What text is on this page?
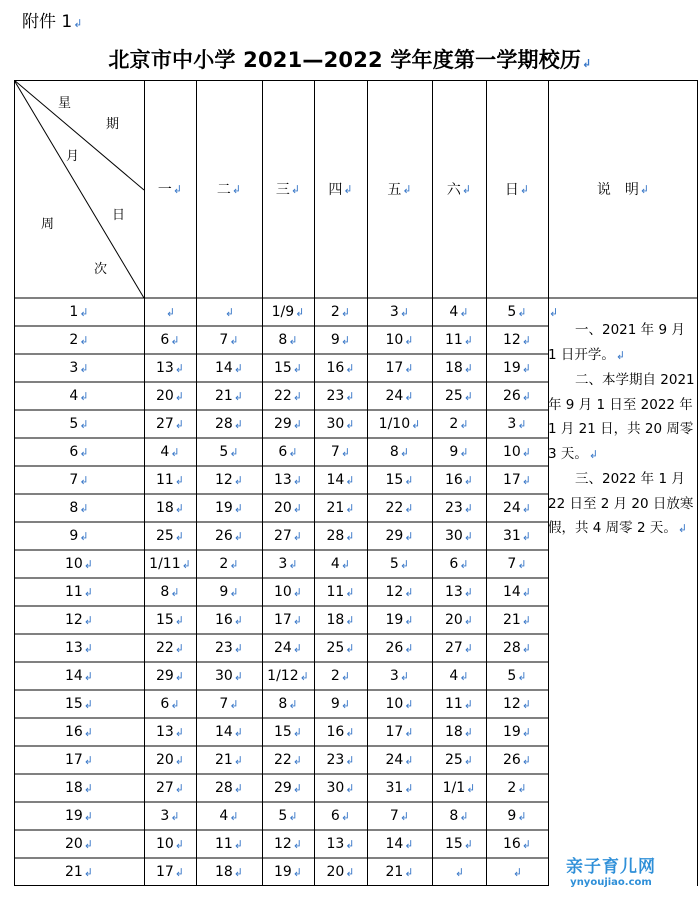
附件 1↲
北京市中小学 2021—2022 学年度第一学期校历↲
星
期
月
日
周
次
一 ↲ 二 ↲ 三 ↲ 四 ↲ 五 ↲	六 ↲ 日 ↲	说　明 ↲
1 ↲	↲	↲	1/9 ↲ 2 ↲	3 ↲	4 ↲	5 ↲
2 ↲	6 ↲	7 ↲	8 ↲ 9 ↲	10 ↲ 11 ↲ 12 ↲
3 ↲	13 ↲ 14 ↲ 15 ↲ 16 ↲ 17 ↲ 18 ↲ 19 ↲
4 ↲	20 ↲ 21 ↲ 22 ↲ 23 ↲ 24 ↲ 25 ↲ 26 ↲
5 ↲	27 ↲ 28 ↲ 29 ↲ 30 ↲ 1/10 ↲ 2 ↲	3 ↲
6 ↲	4 ↲	5 ↲	6 ↲ 7 ↲	8 ↲	9 ↲ 10 ↲
7 ↲	11 ↲ 12 ↲ 13 ↲ 14 ↲ 15 ↲ 16 ↲ 17 ↲
8 ↲	18 ↲ 19 ↲ 20 ↲ 21 ↲ 22 ↲ 23 ↲ 24 ↲
9 ↲	25 ↲ 26 ↲ 27 ↲ 28 ↲ 29 ↲ 30 ↲ 31 ↲
10 ↲	1/11 ↲ 2 ↲	3 ↲ 4 ↲	5 ↲	6 ↲	7 ↲
11 ↲	8 ↲	9 ↲	10 ↲ 11 ↲ 12 ↲ 13 ↲ 14 ↲
12 ↲	15 ↲ 16 ↲ 17 ↲ 18 ↲ 19 ↲ 20 ↲ 21 ↲
13 ↲	22 ↲ 23 ↲ 24 ↲ 25 ↲ 26 ↲ 27 ↲ 28 ↲
14 ↲	29 ↲ 30 ↲ 1/12 ↲ 2 ↲	3 ↲	4 ↲	5 ↲
15 ↲	6 ↲	7 ↲	8 ↲ 9 ↲	10 ↲ 11 ↲ 12 ↲
16 ↲	13 ↲ 14 ↲ 15 ↲ 16 ↲ 17 ↲ 18 ↲ 19 ↲
17 ↲	20 ↲ 21 ↲ 22 ↲ 23 ↲ 24 ↲ 25 ↲ 26 ↲
18 ↲	27 ↲ 28 ↲ 29 ↲ 30 ↲ 31 ↲ 1/1 ↲ 2 ↲
19 ↲	3 ↲	4 ↲	5 ↲ 6 ↲	7 ↲	8 ↲	9 ↲
20 ↲	10 ↲ 11 ↲ 12 ↲ 13 ↲ 14 ↲ 15 ↲ 16 ↲
21 ↲	17 ↲ 18 ↲ 19 ↲ 20 ↲ 21 ↲	↲	↲

↲

一、2021 年 9 月 1 日开学。↲

二、本学期自 2021 年 9 月 1 日至 2022 年 1 月 21 日，共 20 周零 3 天。↲

三、2022 年 1 月 22 日至 2 月 20 日放寒假，共 4 周零 2 天。↲

亲子育儿网
ynyoujiao.com
